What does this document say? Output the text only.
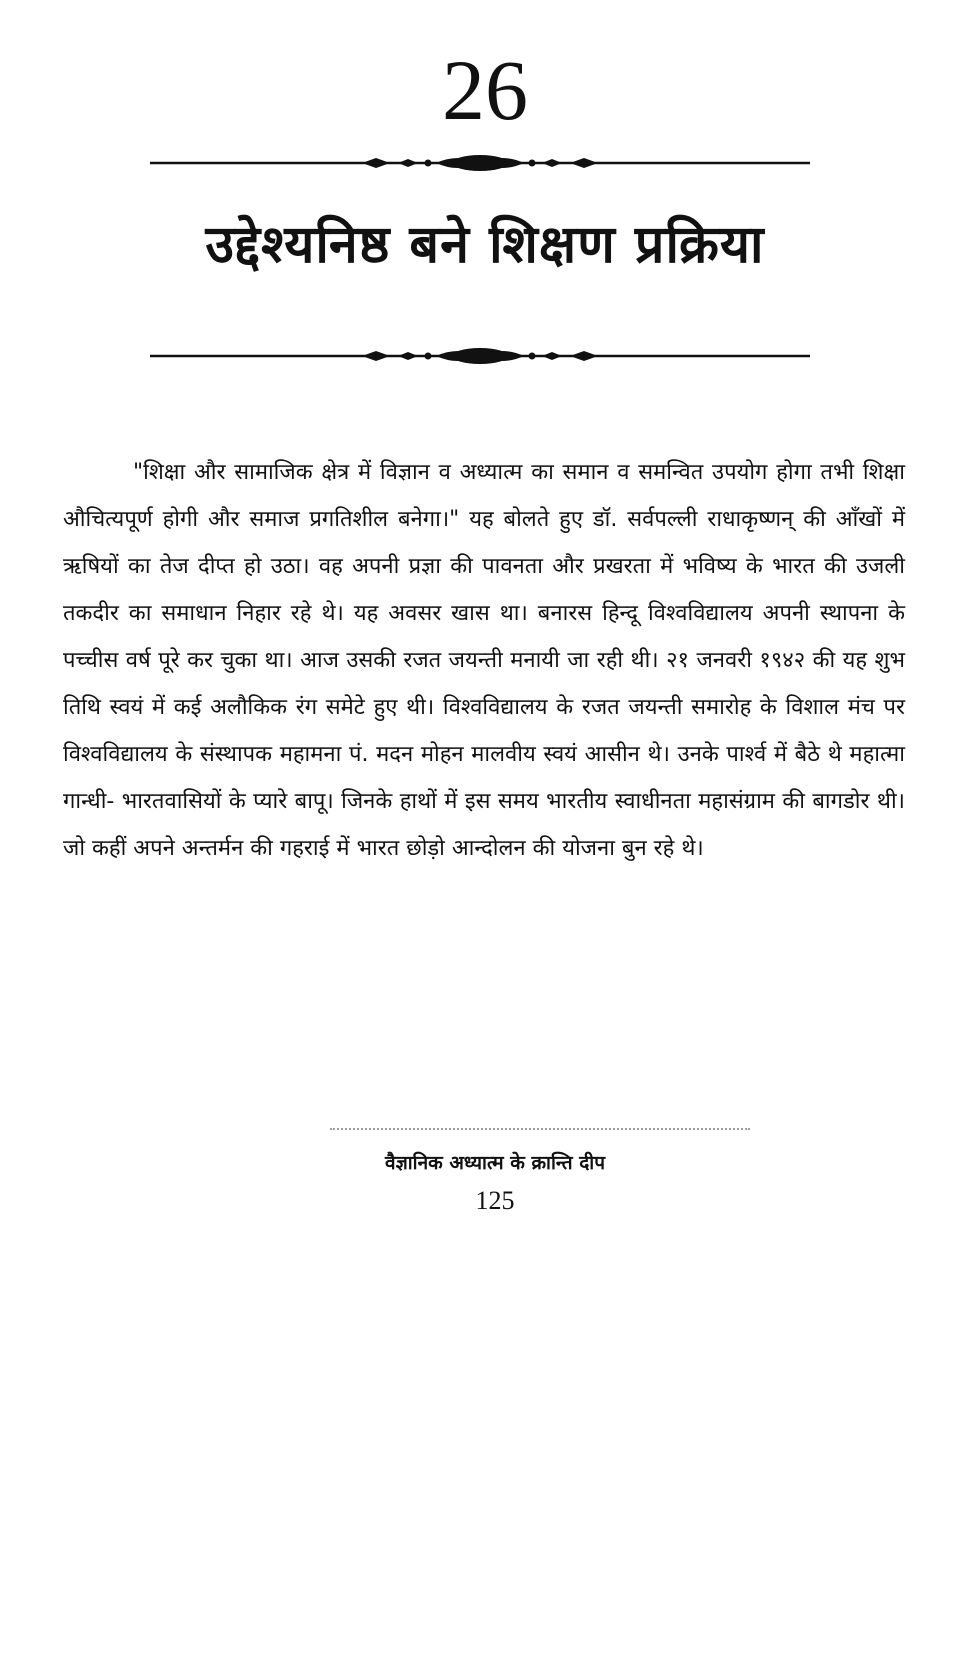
26
उद्देश्यनिष्ठ बने शिक्षण प्रक्रिया

"शिक्षा और सामाजिक क्षेत्र में विज्ञान व अध्यात्म का समान व समन्वित उपयोग होगा तभी शिक्षा औचित्यपूर्ण होगी और समाज प्रगतिशील बनेगा।" यह बोलते हुए डॉ. सर्वपल्ली राधाकृष्णन् की आँखों में ऋषियों का तेज दीप्त हो उठा। वह अपनी प्रज्ञा की पावनता और प्रखरता में भविष्य के भारत की उजली तकदीर का समाधान निहार रहे थे। यह अवसर खास था। बनारस हिन्दू विश्वविद्यालय अपनी स्थापना के पच्चीस वर्ष पूरे कर चुका था। आज उसकी रजत जयन्ती मनायी जा रही थी। २१ जनवरी १९४२ की यह शुभ तिथि स्वयं में कई अलौकिक रंग समेटे हुए थी। विश्वविद्यालय के रजत जयन्ती समारोह के विशाल मंच पर विश्वविद्यालय के संस्थापक महामना पं. मदन मोहन मालवीय स्वयं आसीन थे। उनके पार्श्व में बैठे थे महात्मा गान्धी- भारतवासियों के प्यारे बापू। जिनके हाथों में इस समय भारतीय स्वाधीनता महासंग्राम की बागडोर थी। जो कहीं अपने अन्तर्मन की गहराई में भारत छोड़ो आन्दोलन की योजना बुन रहे थे।

वैज्ञानिक अध्यात्म के क्रान्ति दीप
125
